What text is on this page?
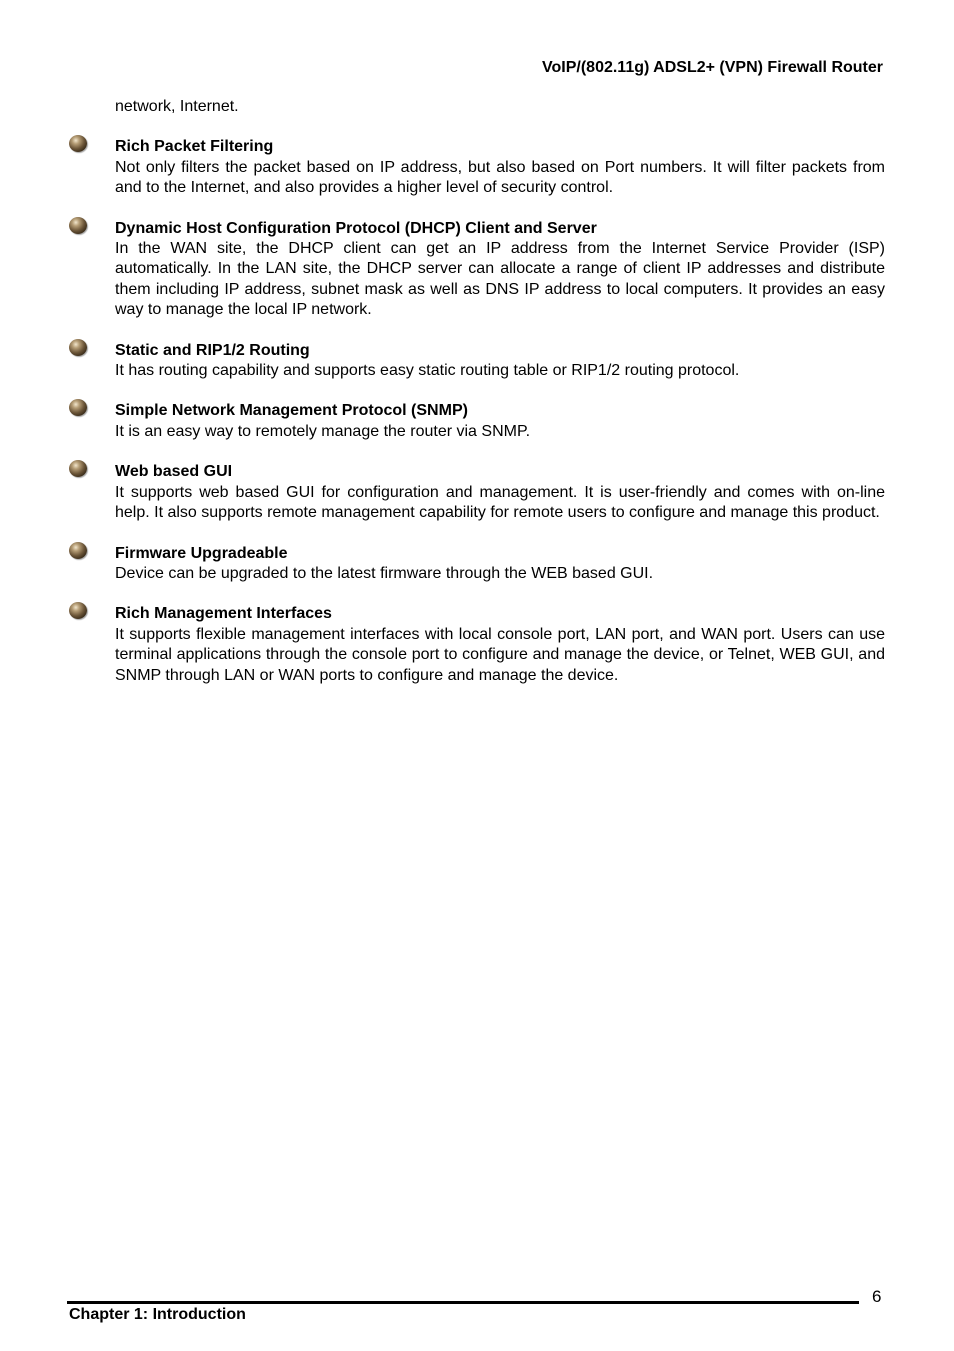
VoIP/(802.11g) ADSL2+ (VPN) Firewall Router

network, Internet.

Rich Packet Filtering
Not only filters the packet based on IP address, but also based on Port numbers. It will filter packets from and to the Internet, and also provides a higher level of security control.
Dynamic Host Configuration Protocol (DHCP) Client and Server
In the WAN site, the DHCP client can get an IP address from the Internet Service Provider (ISP) automatically. In the LAN site, the DHCP server can allocate a range of client IP addresses and distribute them including IP address, subnet mask as well as DNS IP address to local computers. It provides an easy way to manage the local IP network.
Static and RIP1/2 Routing
It has routing capability and supports easy static routing table or RIP1/2 routing protocol.
Simple Network Management Protocol (SNMP)
It is an easy way to remotely manage the router via SNMP.
Web based GUI
It supports web based GUI for configuration and management. It is user-friendly and comes with on-line help. It also supports remote management capability for remote users to configure and manage this product.
Firmware Upgradeable
Device can be upgraded to the latest firmware through the WEB based GUI.
Rich Management Interfaces
It supports flexible management interfaces with local console port, LAN port, and WAN port. Users can use terminal applications through the console port to configure and manage the device, or Telnet, WEB GUI, and SNMP through LAN or WAN ports to configure and manage the device.
6
Chapter 1: Introduction
